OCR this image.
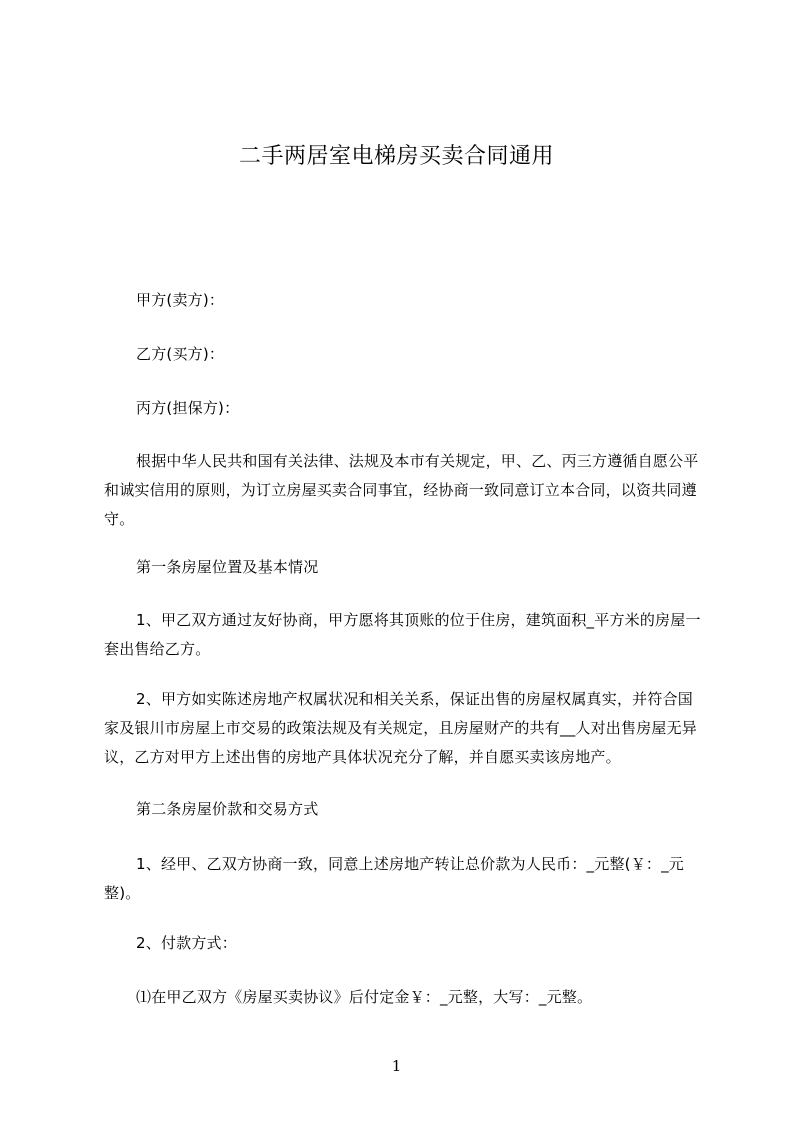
二手两居室电梯房买卖合同通用
甲方(卖方)：
乙方(买方)：
丙方(担保方)：
根据中华人民共和国有关法律、法规及本市有关规定，甲、乙、丙三方遵循自愿公平和诚实信用的原则，为订立房屋买卖合同事宜，经协商一致同意订立本合同，以资共同遵守。
第一条房屋位置及基本情况
1、甲乙双方通过友好协商，甲方愿将其顶账的位于住房，建筑面积_平方米的房屋一套出售给乙方。
2、甲方如实陈述房地产权属状况和相关关系，保证出售的房屋权属真实，并符合国家及银川市房屋上市交易的政策法规及有关规定，且房屋财产的共有__人对出售房屋无异议，乙方对甲方上述出售的房地产具体状况充分了解，并自愿买卖该房地产。
第二条房屋价款和交易方式
1、经甲、乙双方协商一致，同意上述房地产转让总价款为人民币：_元整(￥：_元整)。
2、付款方式：
⑴在甲乙双方《房屋买卖协议》后付定金￥：_元整，大写：_元整。
1
